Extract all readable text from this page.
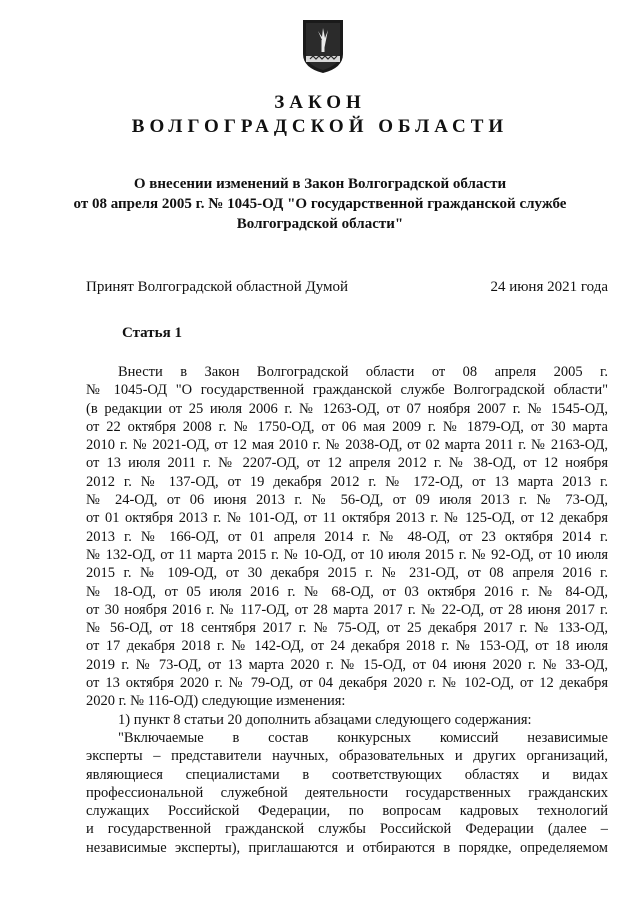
ЗАКОН
ВОЛГОГРАДСКОЙ ОБЛАСТИ
О внесении изменений в Закон Волгоградской области
от 08 апреля 2005 г. № 1045-ОД "О государственной гражданской службе
Волгоградской области"
Принят Волгоградской областной Думой	24 июня 2021 года
Статья 1
Внести в Закон Волгоградской области от 08 апреля 2005 г.
№ 1045-ОД "О государственной гражданской службе Волгоградской области"
(в редакции от 25 июля 2006 г. № 1263-ОД, от 07 ноября 2007 г. № 1545-ОД,
от 22 октября 2008 г. № 1750-ОД, от 06 мая 2009 г. № 1879-ОД, от 30 марта
2010 г. № 2021-ОД, от 12 мая 2010 г. № 2038-ОД, от 02 марта 2011 г. № 2163-ОД,
от 13 июля 2011 г. № 2207-ОД, от 12 апреля 2012 г. № 38-ОД, от 12 ноября
2012 г. № 137-ОД, от 19 декабря 2012 г. № 172-ОД, от 13 марта 2013 г.
№ 24-ОД, от 06 июня 2013 г. № 56-ОД, от 09 июля 2013 г. № 73-ОД,
от 01 октября 2013 г. № 101-ОД, от 11 октября 2013 г. № 125-ОД, от 12 декабря
2013 г. № 166-ОД, от 01 апреля 2014 г. № 48-ОД, от 23 октября 2014 г.
№ 132-ОД, от 11 марта 2015 г. № 10-ОД, от 10 июля 2015 г. № 92-ОД, от 10 июля
2015 г. № 109-ОД, от 30 декабря 2015 г. № 231-ОД, от 08 апреля 2016 г.
№ 18-ОД, от 05 июля 2016 г. № 68-ОД, от 03 октября 2016 г. № 84-ОД,
от 30 ноября 2016 г. № 117-ОД, от 28 марта 2017 г. № 22-ОД, от 28 июня 2017 г.
№ 56-ОД, от 18 сентября 2017 г. № 75-ОД, от 25 декабря 2017 г. № 133-ОД,
от 17 декабря 2018 г. № 142-ОД, от 24 декабря 2018 г. № 153-ОД, от 18 июля
2019 г. № 73-ОД, от 13 марта 2020 г. № 15-ОД, от 04 июня 2020 г. № 33-ОД,
от 13 октября 2020 г. № 79-ОД, от 04 декабря 2020 г. № 102-ОД, от 12 декабря
2020 г. № 116-ОД) следующие изменения:
1) пункт 8 статьи 20 дополнить абзацами следующего содержания:
"Включаемые в состав конкурсных комиссий независимые
эксперты – представители научных, образовательных и других организаций,
являющиеся специалистами в соответствующих областях и видах
профессиональной служебной деятельности государственных гражданских
служащих Российской Федерации, по вопросам кадровых технологий
и государственной гражданской службы Российской Федерации (далее –
независимые эксперты), приглашаются и отбираются в порядке, определяемом
